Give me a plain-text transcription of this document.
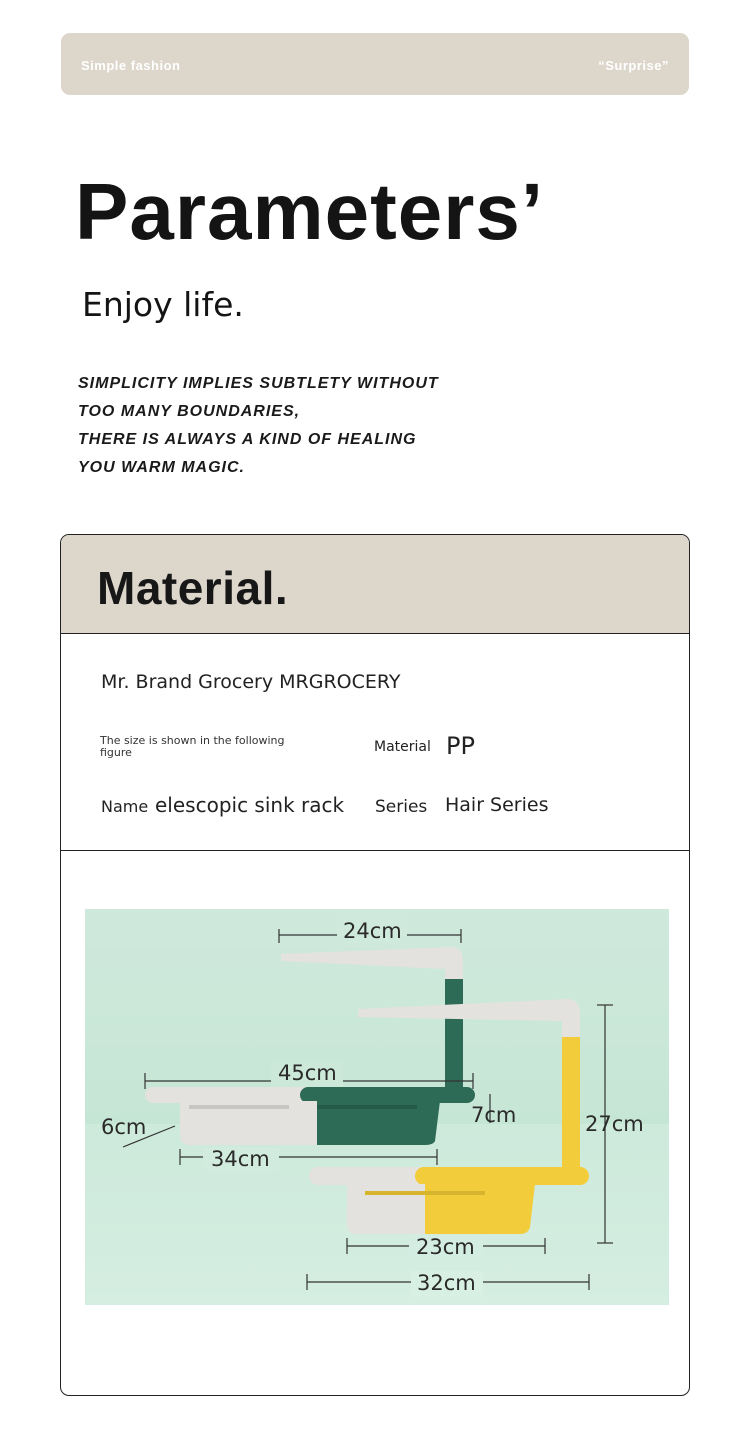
Simple fashion	“Surprise”
Parameters’
Enjoy life.
SIMPLICITY IMPLIES SUBTLETY WITHOUT
TOO MANY BOUNDARIES,
THERE IS ALWAYS A KIND OF HEALING
YOU WARM MAGIC.
Material.
Mr. Brand Grocery MRGROCERY
The size is shown in the following figure	Material PP
Name elescopic sink rack Series Hair Series
24cm
45cm
6cm	7cm
34cm
27cm
23cm
32cm
